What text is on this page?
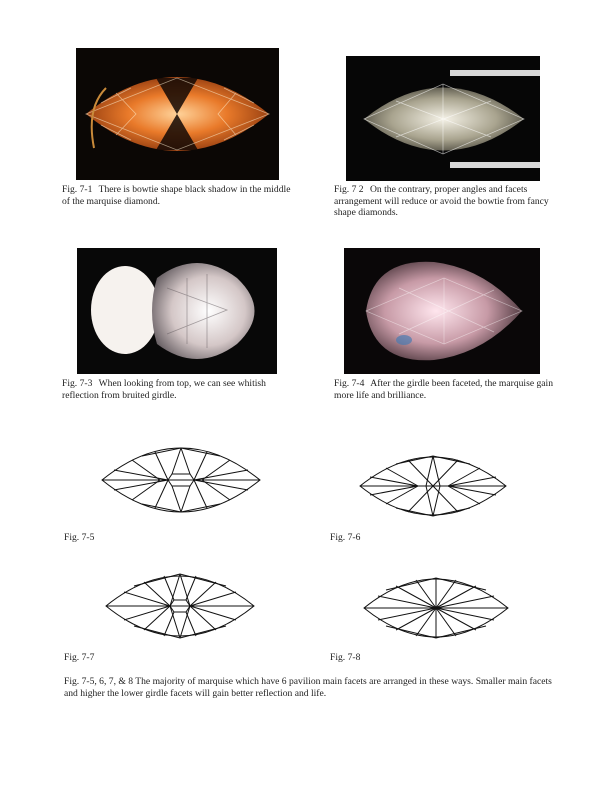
Fig. 7-1 There is bowtie shape black shadow in the middle of the marquise diamond.
Fig. 7 2 On the contrary, proper angles and facets arrangement will reduce or avoid the bowtie from fancy shape diamonds.
Fig. 7-3 When looking from top, we can see whitish reflection from bruited girdle.
Fig. 7-4 After the girdle been faceted, the marquise gain more life and brilliance.
Fig. 7-5	Fig. 7-6
Fig. 7-7	Fig. 7-8
Fig. 7-5, 6, 7, & 8 The majority of marquise which have 6 pavilion main facets are arranged in these ways. Smaller main facets and higher the lower girdle facets will gain better reflection and life.
